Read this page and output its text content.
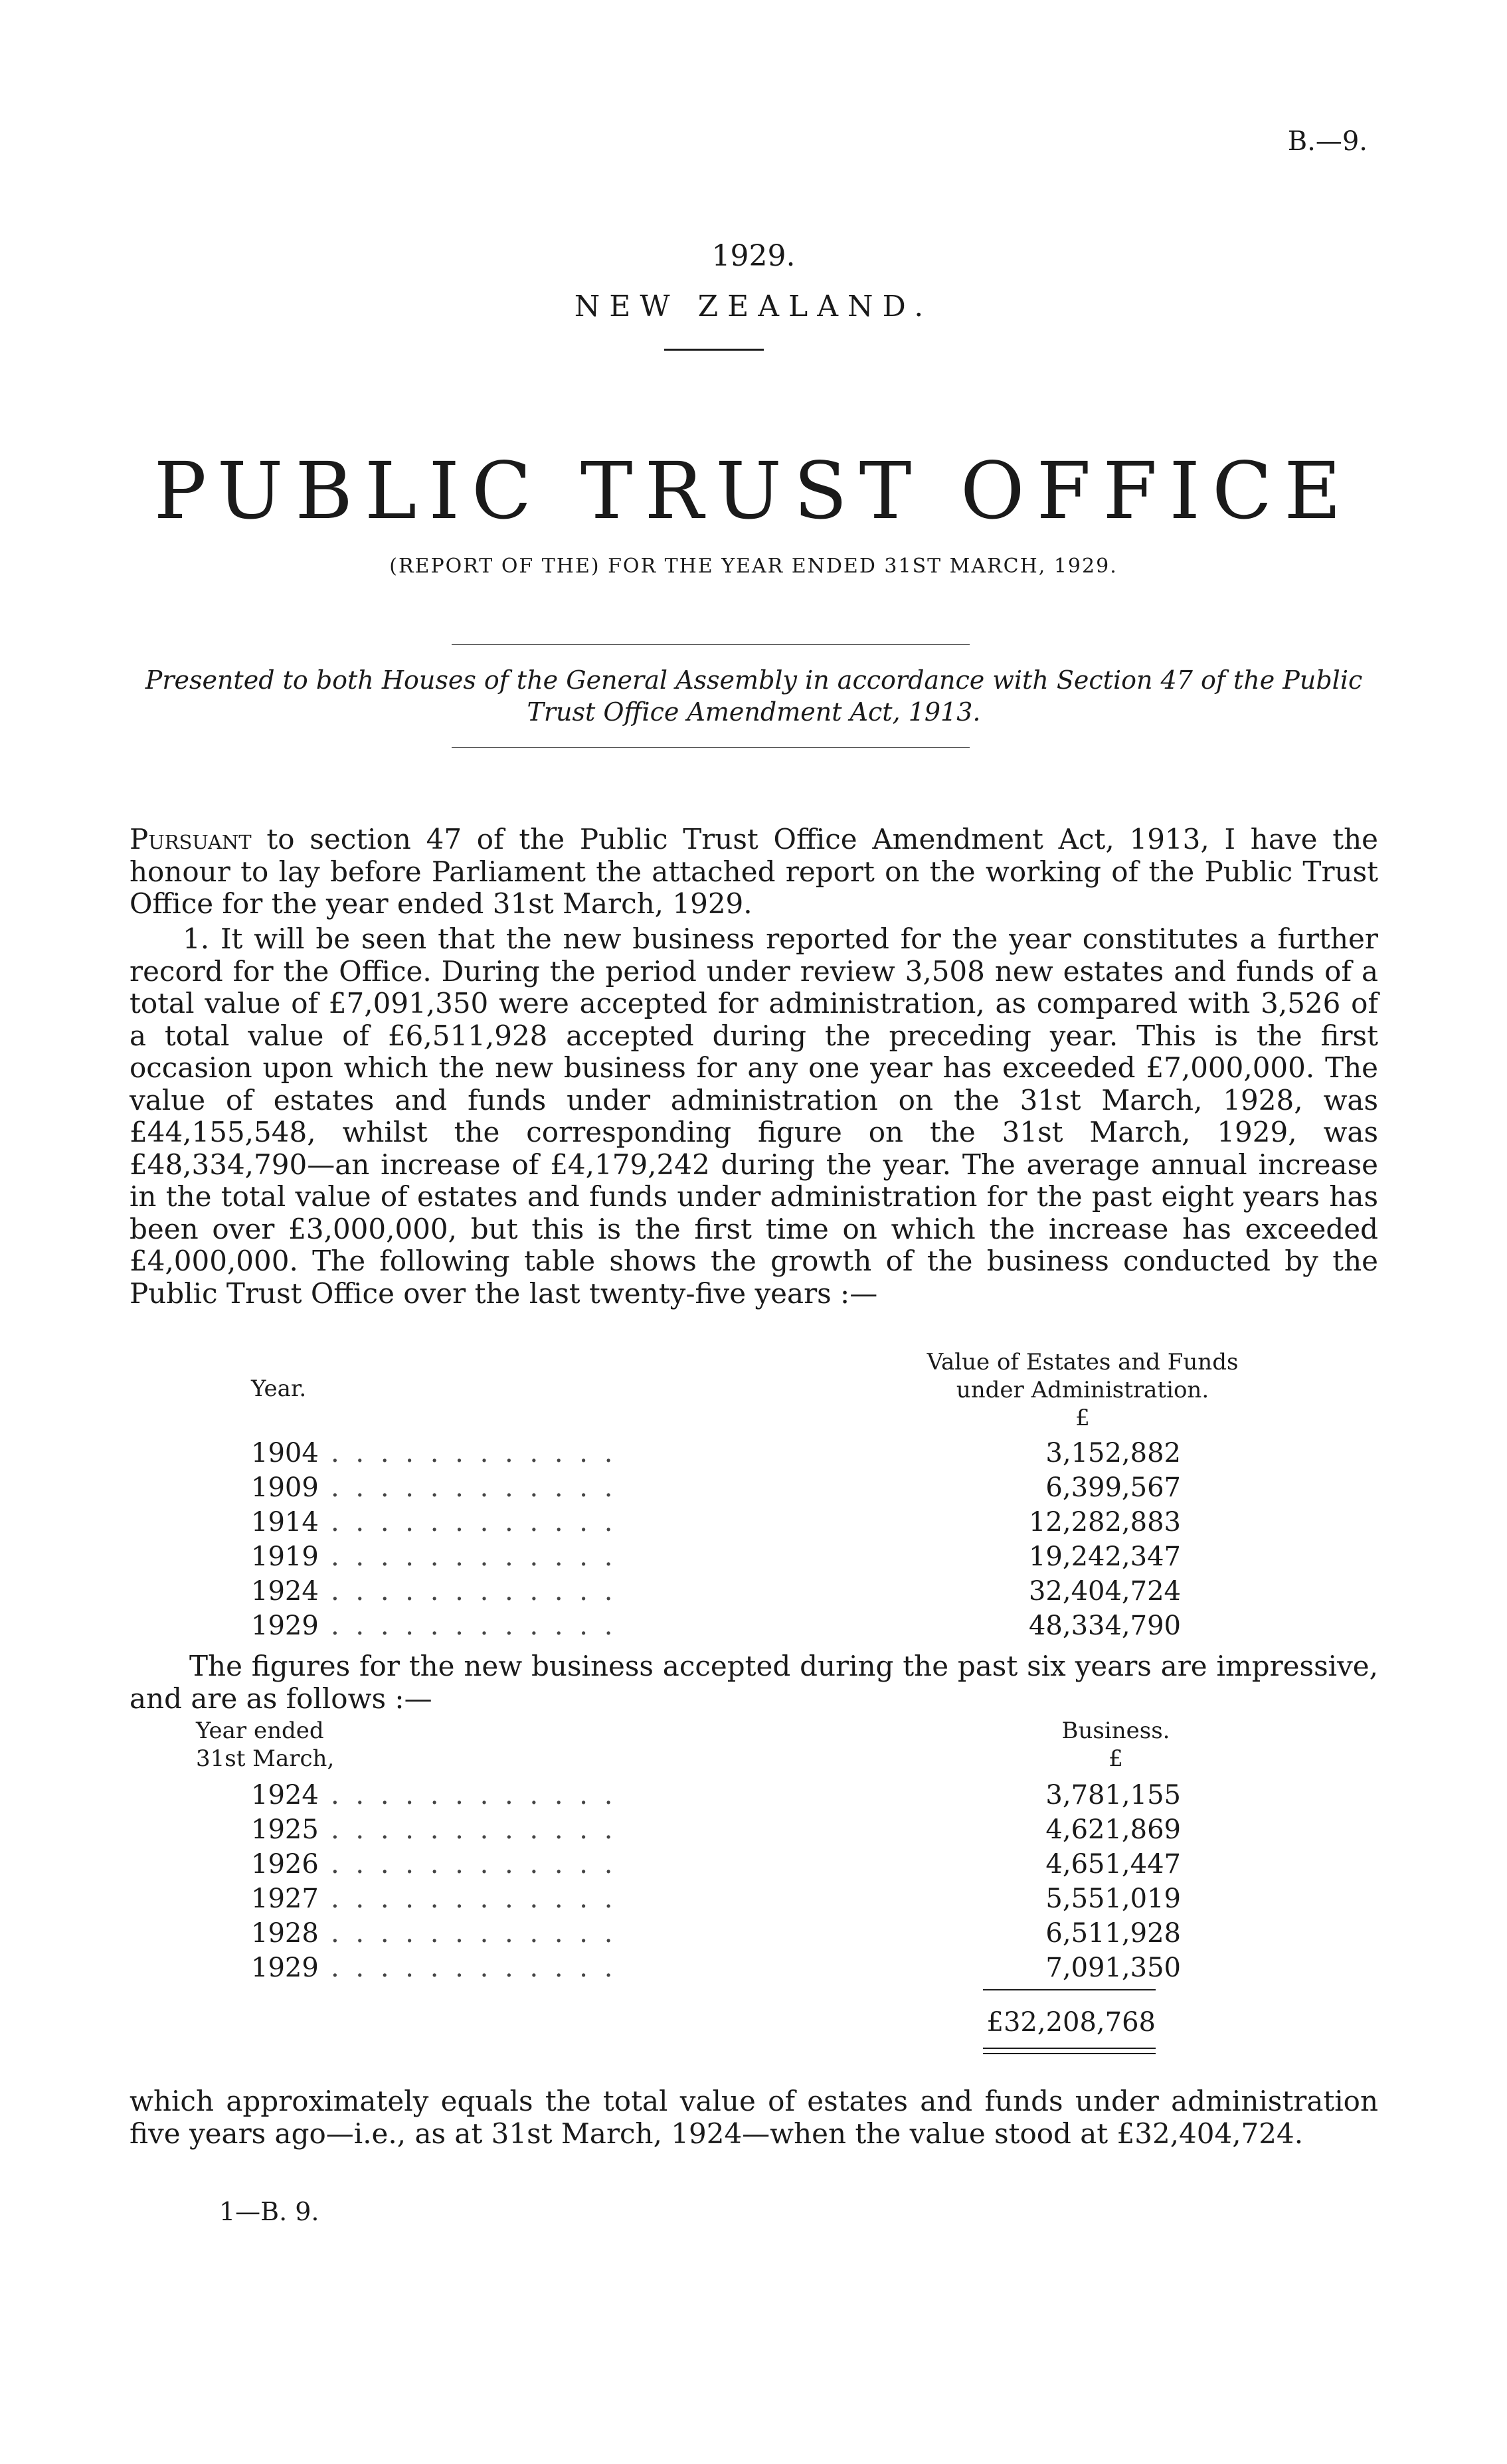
B.—9.
1929.
NEW ZEALAND.
PUBLIC TRUST OFFICE
(REPORT OF THE) FOR THE YEAR ENDED 31ST MARCH, 1929.
Presented to both Houses of the General Assembly in accordance with Section 47 of the Public Trust Office Amendment Act, 1913.

Pursuant to section 47 of the Public Trust Office Amendment Act, 1913, I have the honour to lay before Parliament the attached report on the working of the Public Trust Office for the year ended 31st March, 1929.

1. It will be seen that the new business reported for the year constitutes a further record for the Office. During the period under review 3,508 new estates and funds of a total value of £7,091,350 were accepted for administration, as compared with 3,526 of a total value of £6,511,928 accepted during the preceding year. This is the first occasion upon which the new business for any one year has exceeded £7,000,000. The value of estates and funds under administration on the 31st March, 1928, was £44,155,548, whilst the corresponding figure on the 31st March, 1929, was £48,334,790—an increase of £4,179,242 during the year. The average annual increase in the total value of estates and funds under administration for the past eight years has been over £3,000,000, but this is the first time on which the increase has exceeded £4,000,000. The following table shows the growth of the business conducted by the Public Trust Office over the last twenty-five years :—

Year.
Value of Estates and Funds
under Administration.
£
1904 . . . . . . . . . . . .	3,152,882
1909 . . . . . . . . . . . .	6,399,567
1914 . . . . . . . . . . . .	12,282,883
1919 . . . . . . . . . . . .	19,242,347
1924 . . . . . . . . . . . .	32,404,724
1929 . . . . . . . . . . . .	48,334,790

The figures for the new business accepted during the past six years are impressive, and are as follows :—

Year ended
31st March,
Business.
£
1924 . . . . . . . . . . . .	3,781,155
1925 . . . . . . . . . . . .	4,621,869
1926 . . . . . . . . . . . .	4,651,447
1927 . . . . . . . . . . . .	5,551,019
1928 . . . . . . . . . . . .	6,511,928
1929 . . . . . . . . . . . .	7,091,350
£32,208,768

which approximately equals the total value of estates and funds under administration five years ago—i.e., as at 31st March, 1924—when the value stood at £32,404,724.

1—B. 9.
